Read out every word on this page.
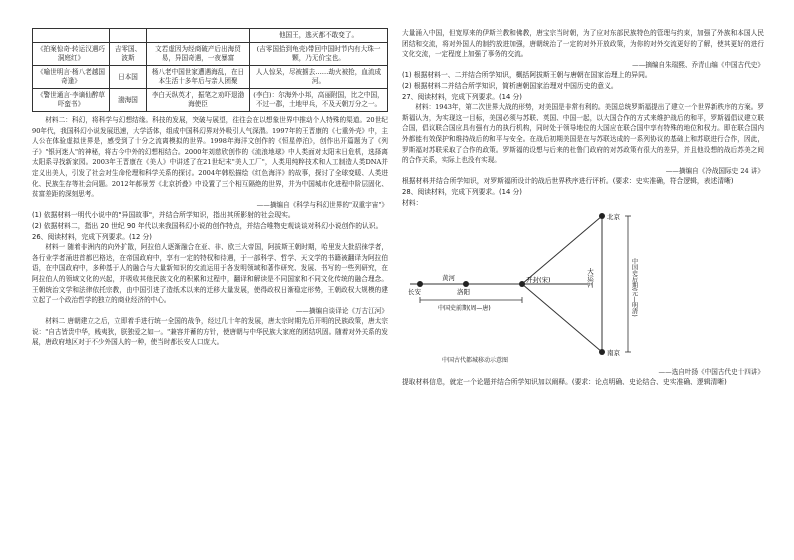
			他国王，逃灭都不敢变了。
《拍案惊奇·转运汉遇巧洞庭红》	吉零国、波斯	文若虚因为经商破产后出海贸易，异国奇遇，一夜暴富	(吉零国拾到龟壳)带回中国时节内有大珠一颗，乃无价宝也。
《喻世明言·杨八老越国奇逢》	日本国	杨八老中国世家遭遇海乱，在日本生活十多年后与亲人团聚	人人惊呆，尽被掳去……劫火被抢，血流成河。
《警世通言·李谪仙醉草吓蛮书》	渤海国	李白天纵英才，振笔之劝吓退渤海使臣	(李白)：尔海外小邦，高丽附国，比之中国，不过一郡，土地甲兵，不及天朝万分之一。

材料二：科幻，将科学与幻想结缘。科技的发展，突破与展望，往往会在以想象世界中推动个人特殊的渠道。20世纪90年代，我国科幻小说发展迅速，大学活体，组成中国科幻界对外吸引人气深潜。1997年的王晋康的《七重外壳》中，主人公在体验虚拟世界是，感受到了十分之流离模拟的世界。1998年海洋文创作的《恒星停泊》，创作出开篇题为了《列子》"银河迷人"的神秘，将古今中外的幻想相结合。2000年刘慈欣创作的《流浪地球》中人类面对太阳末日危机，选择离太阳系寻找新家园。2003年王晋康在《美人》中讲述了在21世纪末"美人工厂"，人类用纯粹技术和人工制造人类DNA并定义出美人，引发了社会对生命伦理和科学关系的探讨。2004年韩松描绘《红色海洋》的故事，探讨了全球变暖、人类进化、民族生存等社会问题。2012年郝景芳《北京折叠》中设置了三个相互隔绝的世界，并为中国城市化进程中阶层固化、贫富差距的深刻思考。

——摘编自《科学与科幻世界的"双重宇宙"》

(1) 依据材料一明代小说中的"异国故事"，并结合所学知识，指出其所影射的社会现实。

(2) 依据材料二，指出 20 世纪 90 年代以来我国科幻小说的创作特点，并结合唯物史观谈谈对科幻小说创作的认识。

26、阅读材料，完成下列要求。(12 分)

材料一 随着非洲内的向外扩散，阿拉伯人逐渐融合在亚、非、欧三大帝国，阿拔斯王朝时期，哈里发大批招徕学者，各行业学者涌进首都巴格达，在帝国政府中，享有一定的特权和待遇，于一部科学、哲学、天文学的书籍被翻译为阿拉伯语，在中国政府中，多种基于人的融合与大量新知识的交流运用于各发明领域和著作研究、发展、书写的一些列研究，在阿拉伯人的领域文化的兴起，并吸收其他民族文化的积累和过程中，翻译和解读是不同国家和不同文化传统的融合理念。王朝统治文学和法律依托宗教，由中国引进了造纸术以来的迁移大量发展，使得政权日渐稳定形势，王朝政权大规模的建立起了一个政治哲学的独立的商业经济的中心。

——摘编自谈译论《万古江河》

材料二 唐朝建立之后，立即着手进行统一全国的战争，经过几十年的发展，唐太宗时期先后开明的民族政策，唐太宗说："自古皆贵中华，贱夷狄，朕独爱之如一。"兼容并蓄的方针，使唐朝与中华民族大家庭的团结巩固。随着对外关系的发展，唐政府地区对于不少外国人的一种，使当时都长安人口庞大。

大量涌入中国，但宽厚来的伊斯兰教和佛教，唐宝宗当时朝，为了应对东部民族特色的管理与约束，加强了外族和本国人民团结和交流，将对外国人的制约放进加强，唐朝统治了一定的对外开放政策，为你的对外交流更好的了解，使其更好的进行文化交流，一定程度上加强了事务的交流。

——摘编自朱瑞熙、乔青山编《中国古代史》

(1) 根据材料一、二并结合所学知识，概括阿拔斯王朝与唐朝在国家治理上的异同。

(2) 根据材料二并结合所学知识，简析唐朝国家治理对中国历史的意义。

27、阅读材料，完成下列要求。(14 分)

材料：1943年，第二次世界大战的形势，对美国是非常有利的。美国总统罗斯福提出了建立一个世界新秩序的方案。罗斯福认为，为实现这一目标，美国必须与苏联、英国、中国一起，以大国合作的方式来维护战后的和平，罗斯福倡议建立联合国，倡议联合国应具有强有力的执行机构，同时处于领导地位的大国应在联合国中享有特殊的地位和权力。即在联合国内外都能有效保护和维持战后的和平与安全。在战后初期美国是在与苏联达成的一系列协议的基础上和苏联进行合作，因此，罗斯福对苏联采取了合作的政策。罗斯福的设想与后来的杜鲁门政府的对苏政策有很大的差异，并且他设想的战后苏美之间的合作关系，实际上也没有实现。

——摘编自《冷战国际史 24 讲》

根据材料并结合所学知识，对罗斯福所设计的战后世界秩序进行评析。(要求：史实准确，符合逻辑，表述清晰)

28、阅读材料，完成下列要求。(14 分)

材料：

北京
南京
长安	洛阳
开封(宋)
黄河	大运河
中国史前期(周—唐)	中国史后期(元—明清)

中国古代都城移动示意图

——选自叶扬《中国古代史十四讲》

提取材料信息，就定一个论题并结合所学知识加以阐释。(要求：论点明确、史论结合、史实准确、逻辑清晰)
